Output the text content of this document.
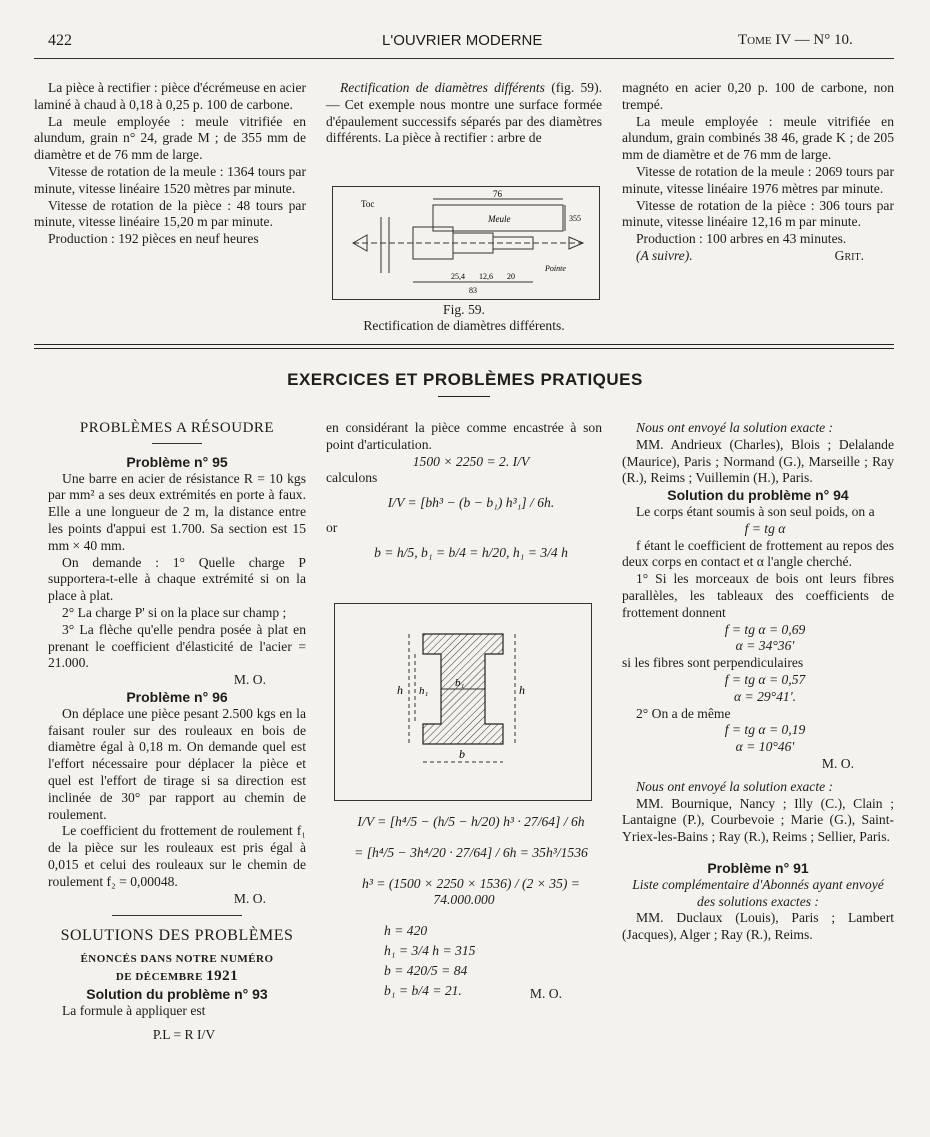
422	L'OUVRIER MODERNE	Tome IV — N° 10.

La pièce à rectifier : pièce d'écrémeuse en acier laminé à chaud à 0,18 à 0,25 p. 100 de carbone.

La meule employée : meule vitrifiée en alundum, grain n° 24, grade M ; de 355 mm de diamètre et de 76 mm de large.

Vitesse de rotation de la meule : 1364 tours par minute, vitesse linéaire 1520 mètres par minute.

Vitesse de rotation de la pièce : 48 tours par minute, vitesse linéaire 15,20 m par minute.

Production : 192 pièces en neuf heures

Rectification de diamètres différents (fig. 59). — Cet exemple nous montre une surface formée d'épaulement successifs séparés par des diamètres différents. La pièce à rectifier : arbre de

Toc
76
Meule	355
Pointe
25,4 12,6 20
83
Fig. 59.
Rectification de diamètres différents.

magnéto en acier 0,20 p. 100 de carbone, non trempé.

La meule employée : meule vitrifiée en alundum, grain combinés 38 46, grade K ; de 205 mm de diamètre et de 76 mm de large.

Vitesse de rotation de la meule : 2069 tours par minute, vitesse linéaire 1976 mètres par minute.

Vitesse de rotation de la pièce : 306 tours par minute, vitesse linéaire 12,16 m par minute.

Production : 100 arbres en 43 minutes.

(A suivre).	Grit.

EXERCICES ET PROBLÈMES PRATIQUES
PROBLÈMES A RÉSOUDRE

Problème n° 95

Une barre en acier de résistance R = 10 kgs par mm² a ses deux extrémités en porte à faux. Elle a une longueur de 2 m, la distance entre les points d'appui est 1.700. Sa section est 15 mm × 40 mm.

On demande : 1° Quelle charge P supportera-t-elle à chaque extrémité si on la place à plat.

2° La charge P' si on la place sur champ ;

3° La flèche qu'elle pendra posée à plat en prenant le coefficient d'élasticité de l'acier = 21.000.

M. O.

Problème n° 96

On déplace une pièce pesant 2.500 kgs en la faisant rouler sur des rouleaux en bois de diamètre égal à 0,18 m. On demande quel est l'effort nécessaire pour déplacer la pièce et quel est l'effort de tirage si sa direction est inclinée de 30° par rapport au chemin de roulement.

Le coefficient du frottement de roulement f₁ de la pièce sur les rouleaux est pris égal à 0,015 et celui des rouleaux sur le chemin de roulement f₂ = 0,00048.

M. O.

SOLUTIONS DES PROBLÈMES
ÉNONCÉS DANS NOTRE NUMÉRO
DE DÉCEMBRE 1921

Solution du problème n° 93

La formule à appliquer est

P.L = R I/V

en considérant la pièce comme encastrée à son point d'articulation.

1500 × 2250 = 2. I/V

calculons

I/V = [bh³ − (b − b₁) h³₁] / 6h.

or

b = h/5, b₁ = b/4 = h/20, h₁ = 3/4 h

h h₁
b₁
b
h

I/V = [h⁴/5 − (h/5 − h/20) h³ · 27/64] / 6h

= [h⁴/5 − 3h⁴/20 · 27/64] / 6h = 35h³/1536

h³ = (1500 × 2250 × 1536) / (2 × 35) = 74.000.000

h = 420

h₁ = 3/4 h = 315

b = 420/5 = 84

b₁ = b/4 = 21.	M. O.

Nous ont envoyé la solution exacte :

MM. Andrieux (Charles), Blois ; Delalande (Maurice), Paris ; Normand (G.), Marseille ; Ray (R.), Reims ; Vuillemin (H.), Paris.

Solution du problème n° 94

Le corps étant soumis à son seul poids, on a

f = tg α

f étant le coefficient de frottement au repos des deux corps en contact et α l'angle cherché.

1° Si les morceaux de bois ont leurs fibres parallèles, les tableaux des coefficients de frottement donnent

f = tg α = 0,69

α = 34°36'

si les fibres sont perpendiculaires

f = tg α = 0,57

α = 29°41'.

2° On a de même

f = tg α = 0,19

α = 10°46'

M. O.

Nous ont envoyé la solution exacte :

MM. Bournique, Nancy ; Illy (C.), Clain ; Lantaigne (P.), Courbevoie ; Marie (G.), Saint-Yriex-les-Bains ; Ray (R.), Reims ; Sellier, Paris.

Problème n° 91

Liste complémentaire d'Abonnés ayant envoyé des solutions exactes :

MM. Duclaux (Louis), Paris ; Lambert (Jacques), Alger ; Ray (R.), Reims.
